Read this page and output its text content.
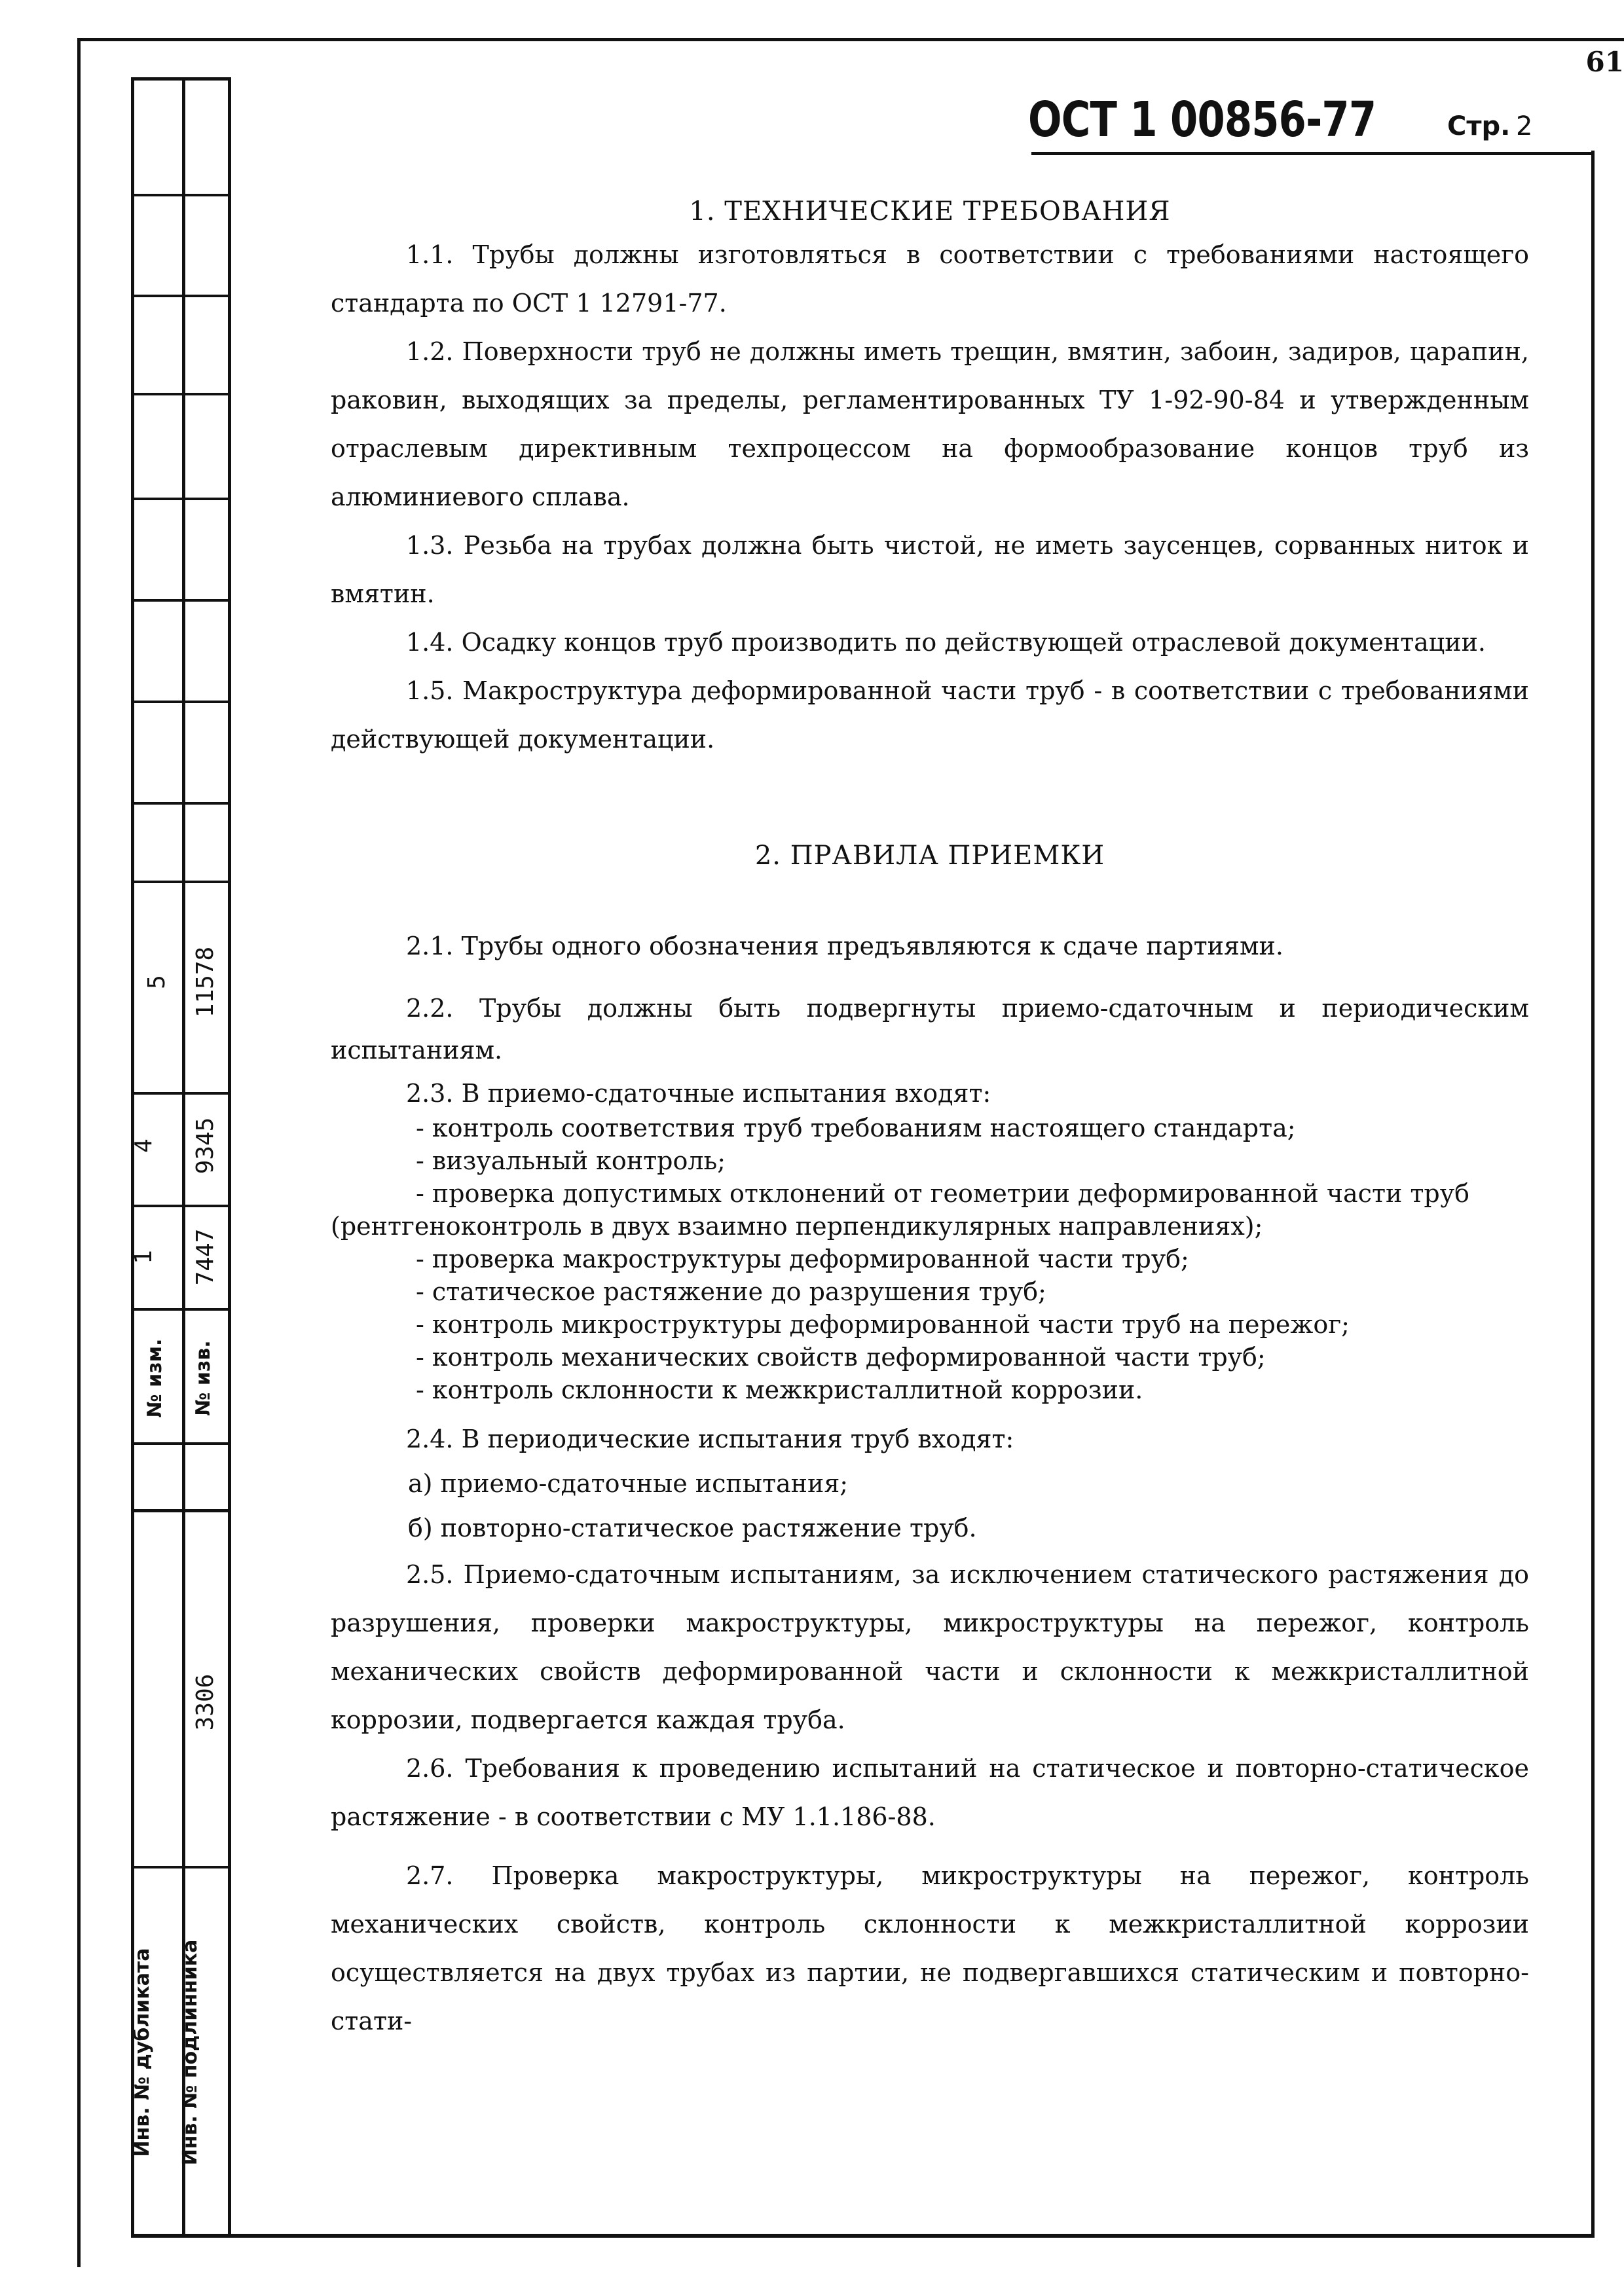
61
5 11578
4 9345
1 7447
№ изм. № изв.
3306
Инв. № дубликата Инв. № подлинника
ОСТ 1 00856-77	Стр. 2
1. ТЕХНИЧЕСКИЕ ТРЕБОВАНИЯ
1.1. Трубы должны изготовляться в соответствии с требованиями настоящего стандарта по ОСТ 1 12791-77.
1.2. Поверхности труб не должны иметь трещин, вмятин, забоин, задиров, царапин, раковин, выходящих за пределы, регламентированных ТУ 1-92-90-84 и утвержденным отраслевым директивным техпроцессом на формообразование концов труб из алюминиевого сплава.
1.3. Резьба на трубах должна быть чистой, не иметь заусенцев, сорванных ниток и вмятин.
1.4. Осадку концов труб производить по действующей отраслевой документации.
1.5. Макроструктура деформированной части труб - в соответствии с требованиями действующей документации.
2. ПРАВИЛА ПРИЕМКИ
2.1. Трубы одного обозначения предъявляются к сдаче партиями.
2.2. Трубы должны быть подвергнуты приемо-сдаточным и периодическим испытаниям.
2.3. В приемо-сдаточные испытания входят:
- контроль соответствия труб требованиям настоящего стандарта;
- визуальный контроль;
- проверка допустимых отклонений от геометрии деформированной части труб (рентгеноконтроль в двух взаимно перпендикулярных направлениях);
- проверка макроструктуры деформированной части труб;
- статическое растяжение до разрушения труб;
- контроль микроструктуры деформированной части труб на пережог;
- контроль механических свойств деформированной части труб;
- контроль склонности к межкристаллитной коррозии.
2.4. В периодические испытания труб входят:
а) приемо-сдаточные испытания;
б) повторно-статическое растяжение труб.
2.5. Приемо-сдаточным испытаниям, за исключением статического растяжения до разрушения, проверки макроструктуры, микроструктуры на пережог, контроль механических свойств деформированной части и склонности к межкристаллитной коррозии, подвергается каждая труба.
2.6. Требования к проведению испытаний на статическое и повторно-статическое растяжение - в соответствии с МУ 1.1.186-88.
2.7. Проверка макроструктуры, микроструктуры на пережог, контроль механических свойств, контроль склонности к межкристаллитной коррозии осуществляется на двух трубах из партии, не подвергавшихся статическим и повторно-стати-
